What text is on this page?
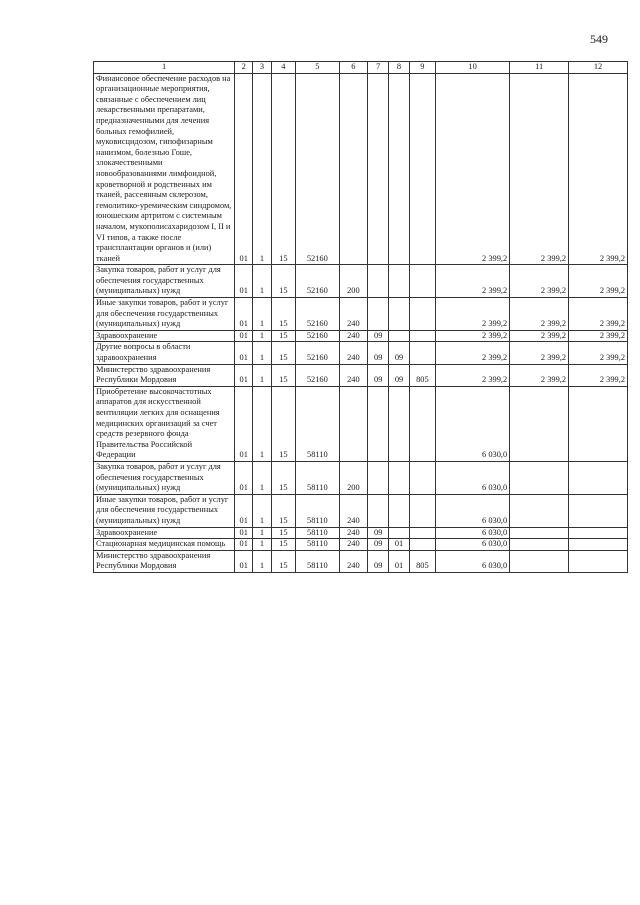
549
1	2	3	4	5	6	7	8	9	10	11	12
Финансовое обеспечение расходов на организационные мероприятия, связанные с обеспечением лиц лекарственными препаратами, предназначенными для лечения больных гемофилией, муковисцидозом, гипофизарным нанизмом, болезнью Гоше, злокачественными новообразованиями лимфоидной, кроветворной и родственных им тканей, рассеянным склерозом, гемолитико-уремическим синдромом, юношеским артритом с системным началом, мукополисахаридозом I, II и VI типов, а также после трансплантации органов и (или) тканей	01	1	15	52160					2 399,2	2 399,2	2 399,2
Закупка товаров, работ и услуг для обеспечения государственных (муниципальных) нужд	01	1	15	52160	200				2 399,2	2 399,2	2 399,2
Иные закупки товаров, работ и услуг для обеспечения государственных (муниципальных) нужд	01	1	15	52160	240				2 399,2	2 399,2	2 399,2
Здравоохранение	01	1	15	52160	240	09			2 399,2	2 399,2	2 399,2
Другие вопросы в области здравоохранения	01	1	15	52160	240	09	09		2 399,2	2 399,2	2 399,2
Министерство здравоохранения Республики Мордовия	01	1	15	52160	240	09	09	805	2 399,2	2 399,2	2 399,2
Приобретение высокочастотных аппаратов для искусственной вентиляции легких для оснащения медицинских организаций за счет средств резервного фонда Правительства Российской Федерации	01	1	15	58110					6 030,0		
Закупка товаров, работ и услуг для обеспечения государственных (муниципальных) нужд	01	1	15	58110	200				6 030,0		
Иные закупки товаров, работ и услуг для обеспечения государственных (муниципальных) нужд	01	1	15	58110	240				6 030,0		
Здравоохранение	01	1	15	58110	240	09			6 030,0		
Стационарная медицинская помощь	01	1	15	58110	240	09	01		6 030,0		
Министерство здравоохранения Республики Мордовия	01	1	15	58110	240	09	01	805	6 030,0		
